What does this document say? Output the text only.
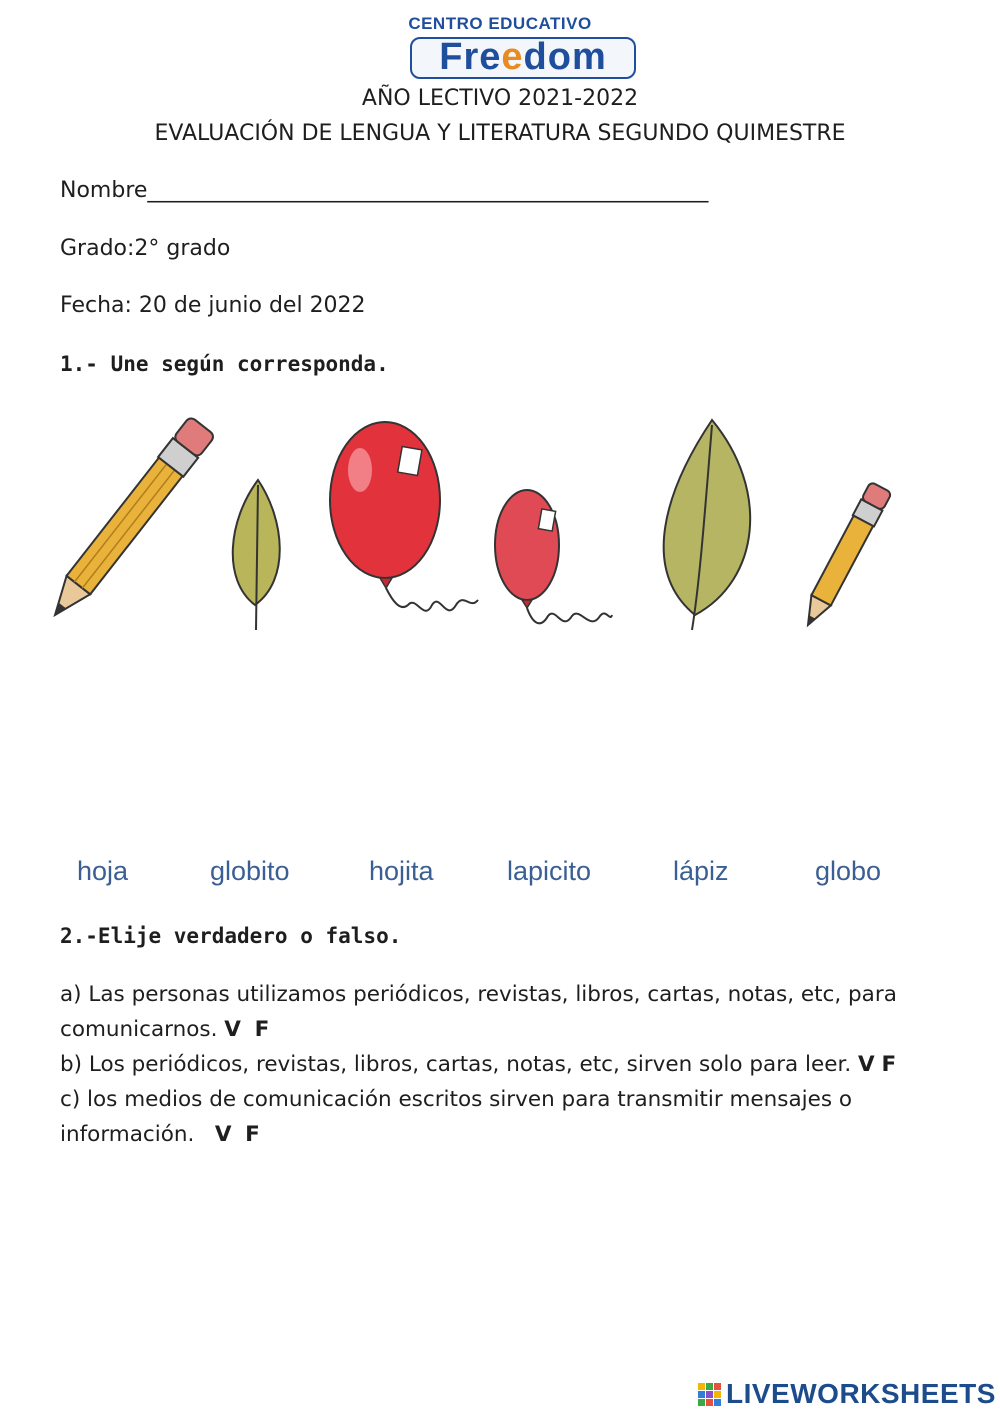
CENTRO EDUCATIVO
Freedom
AÑO LECTIVO 2021-2022
EVALUACIÓN DE LENGUA Y LITERATURA SEGUNDO QUIMESTRE
Nombre___________________________________________________
Grado:2° grado
Fecha: 20 de junio del 2022
1.- Une según corresponda.
hoja	globito	hojita	lapicito	lápiz	globo
2.-Elije verdadero o falso.
a) Las personas utilizamos periódicos, revistas, libros, cartas, notas, etc, para comunicarnos. V F
b) Los periódicos, revistas, libros, cartas, notas, etc, sirven solo para leer. V F
c) los medios de comunicación escritos sirven para transmitir mensajes o información. V F
LIVEWORKSHEETS
